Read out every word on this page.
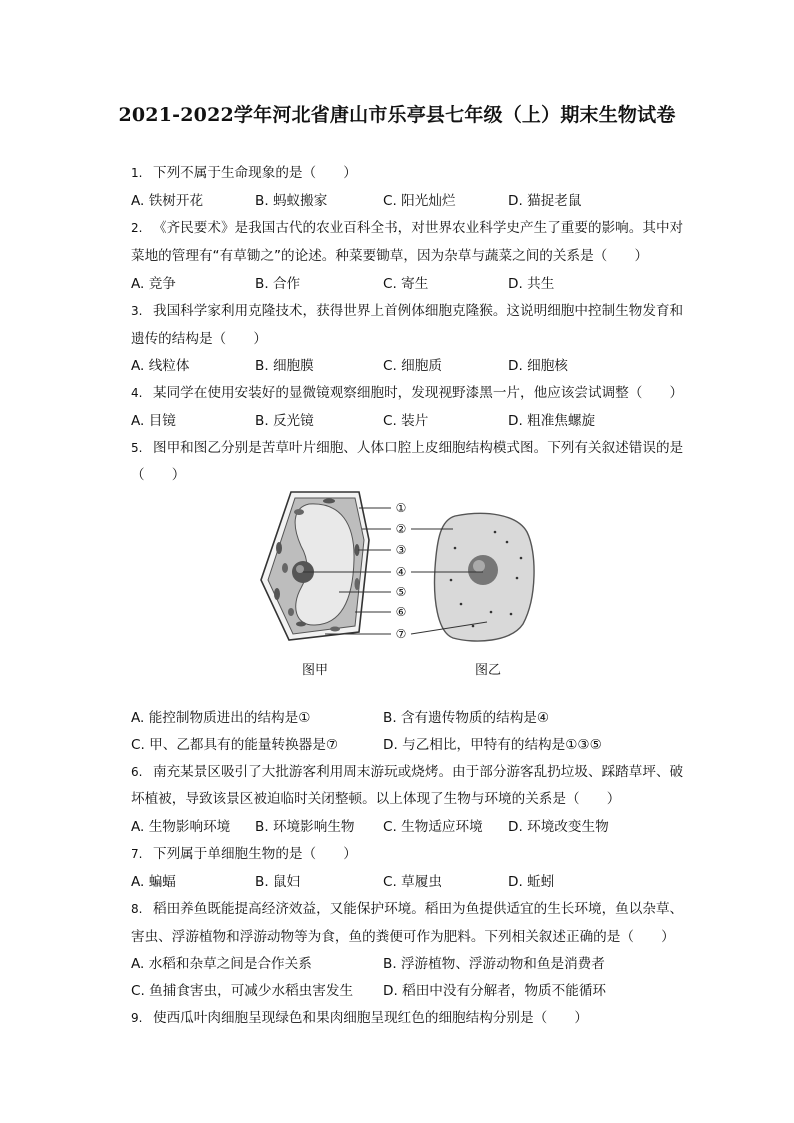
2021-2022学年河北省唐山市乐亭县七年级（上）期末生物试卷
1. 下列不属于生命现象的是（　　）
A. 铁树开花	B. 蚂蚁搬家	C. 阳光灿烂	D. 猫捉老鼠
2. 《齐民要术》是我国古代的农业百科全书，对世界农业科学史产生了重要的影响。其中对
菜地的管理有“有草锄之”的论述。种菜要锄草，因为杂草与蔬菜之间的关系是（　　）
A. 竞争	B. 合作	C. 寄生	D. 共生
3. 我国科学家利用克隆技术，获得世界上首例体细胞克隆猴。这说明细胞中控制生物发育和
遗传的结构是（　　）
A. 线粒体	B. 细胞膜	C. 细胞质	D. 细胞核
4. 某同学在使用安装好的显微镜观察细胞时，发现视野漆黑一片，他应该尝试调整（　　）
A. 目镜	B. 反光镜	C. 装片	D. 粗准焦螺旋
5. 图甲和图乙分别是苦草叶片细胞、人体口腔上皮细胞结构模式图。下列有关叙述错误的是
（　　）
①
②
③
④
⑤
⑥
⑦
图甲	图乙
A. 能控制物质进出的结构是①	B. 含有遗传物质的结构是④
C. 甲、乙都具有的能量转换器是⑦	D. 与乙相比，甲特有的结构是①③⑤
6. 南充某景区吸引了大批游客利用周末游玩或烧烤。由于部分游客乱扔垃圾、踩踏草坪、破
坏植被，导致该景区被迫临时关闭整顿。以上体现了生物与环境的关系是（　　）
A. 生物影响环境 B. 环境影响生物 C. 生物适应环境 D. 环境改变生物
7. 下列属于单细胞生物的是（　　）
A. 蝙蝠	B. 鼠妇	C. 草履虫	D. 蚯蚓
8. 稻田养鱼既能提高经济效益，又能保护环境。稻田为鱼提供适宜的生长环境，鱼以杂草、
害虫、浮游植物和浮游动物等为食，鱼的粪便可作为肥料。下列相关叙述正确的是（　　）
A. 水稻和杂草之间是合作关系	B. 浮游植物、浮游动物和鱼是消费者
C. 鱼捕食害虫，可减少水稻虫害发生 D. 稻田中没有分解者，物质不能循环
9. 使西瓜叶肉细胞呈现绿色和果肉细胞呈现红色的细胞结构分别是（　　）
